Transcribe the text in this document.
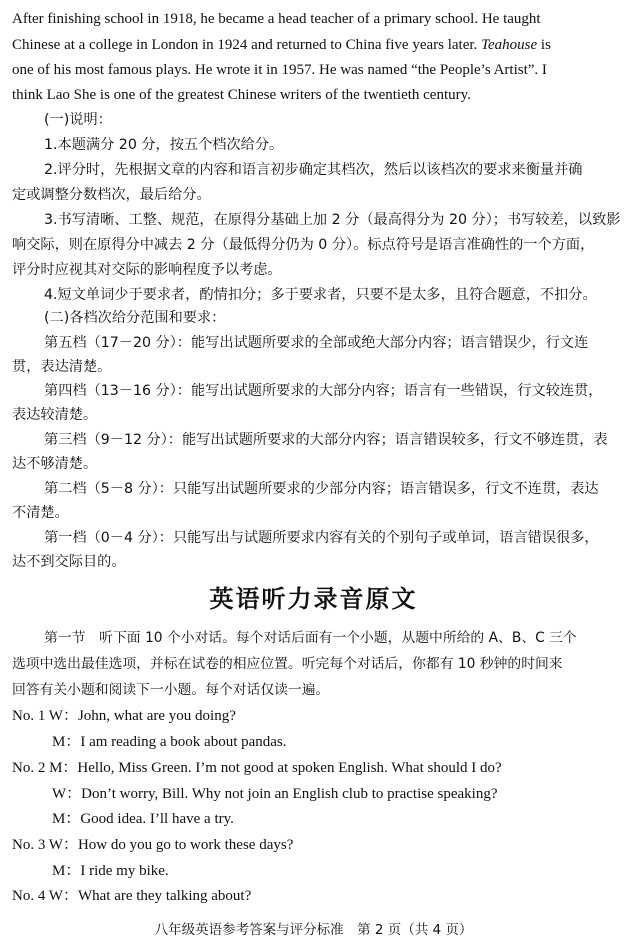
After finishing school in 1918, he became a head teacher of a primary school. He taught
Chinese at a college in London in 1924 and returned to China five years later. Teahouse is
one of his most famous plays. He wrote it in 1957. He was named “the People’s Artist”. I
think Lao She is one of the greatest Chinese writers of the twentieth century.
(一)说明：
1.本题满分 20 分，按五个档次给分。
2.评分时，先根据文章的内容和语言初步确定其档次，然后以该档次的要求来衡量并确
定或调整分数档次，最后给分。
3.书写清晰、工整、规范，在原得分基础上加 2 分（最高得分为 20 分）；书写较差，以致影
响交际，则在原得分中减去 2 分（最低得分仍为 0 分）。标点符号是语言准确性的一个方面，
评分时应视其对交际的影响程度予以考虑。
4.短文单词少于要求者，酌情扣分；多于要求者，只要不是太多，且符合题意，不扣分。
(二)各档次给分范围和要求：
第五档（17－20 分）：能写出试题所要求的全部或绝大部分内容；语言错误少，行文连
贯，表达清楚。
第四档（13－16 分）：能写出试题所要求的大部分内容；语言有一些错误，行文较连贯，
表达较清楚。
第三档（9－12 分）：能写出试题所要求的大部分内容；语言错误较多，行文不够连贯，表
达不够清楚。
第二档（5－8 分）：只能写出试题所要求的少部分内容；语言错误多，行文不连贯，表达
不清楚。
第一档（0－4 分）：只能写出与试题所要求内容有关的个别句子或单词，语言错误很多，
达不到交际目的。
英语听力录音原文
第一节　听下面 10 个小对话。每个对话后面有一个小题，从题中所给的 A、B、C 三个
选项中选出最佳选项，并标在试卷的相应位置。听完每个对话后，你都有 10 秒钟的时间来
回答有关小题和阅读下一小题。每个对话仅读一遍。
No. 1 W：John, what are you doing?
M：I am reading a book about pandas.
No. 2 M：Hello, Miss Green. I’m not good at spoken English. What should I do?
W：Don’t worry, Bill. Why not join an English club to practise speaking?
M：Good idea. I’ll have a try.
No. 3 W：How do you go to work these days?
M：I ride my bike.
No. 4 W：What are they talking about?
八年级英语参考答案与评分标准　第 2 页（共 4 页）
